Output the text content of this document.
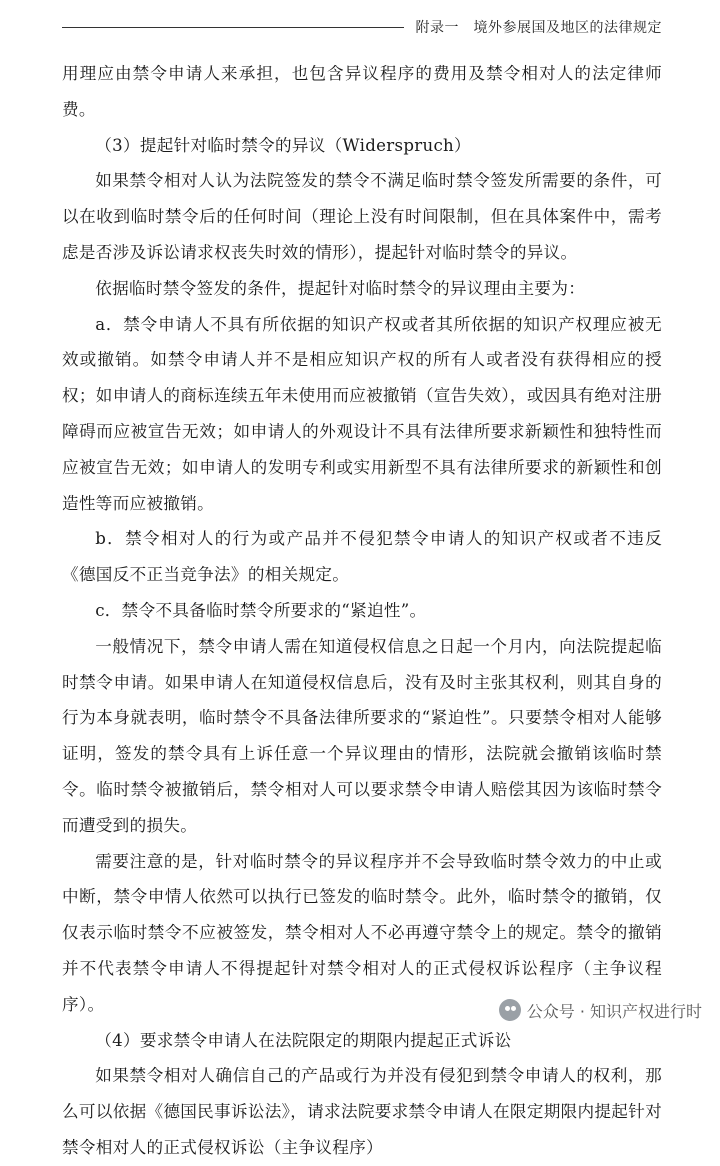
附录一　境外参展国及地区的法律规定

用理应由禁令申请人来承担，也包含异议程序的费用及禁令相对人的法定律师费。

（3）提起针对临时禁令的异议（Widerspruch）

如果禁令相对人认为法院签发的禁令不满足临时禁令签发所需要的条件，可以在收到临时禁令后的任何时间（理论上没有时间限制，但在具体案件中，需考虑是否涉及诉讼请求权丧失时效的情形），提起针对临时禁令的异议。

依据临时禁令签发的条件，提起针对临时禁令的异议理由主要为：

a．禁令申请人不具有所依据的知识产权或者其所依据的知识产权理应被无效或撤销。如禁令申请人并不是相应知识产权的所有人或者没有获得相应的授权；如申请人的商标连续五年未使用而应被撤销（宣告失效），或因具有绝对注册障碍而应被宣告无效；如申请人的外观设计不具有法律所要求新颖性和独特性而应被宣告无效；如申请人的发明专利或实用新型不具有法律所要求的新颖性和创造性等而应被撤销。

b．禁令相对人的行为或产品并不侵犯禁令申请人的知识产权或者不违反《德国反不正当竞争法》的相关规定。

c．禁令不具备临时禁令所要求的“紧迫性”。

一般情况下，禁令申请人需在知道侵权信息之日起一个月内，向法院提起临时禁令申请。如果申请人在知道侵权信息后，没有及时主张其权利，则其自身的行为本身就表明，临时禁令不具备法律所要求的“紧迫性”。只要禁令相对人能够证明，签发的禁令具有上诉任意一个异议理由的情形，法院就会撤销该临时禁令。临时禁令被撤销后，禁令相对人可以要求禁令申请人赔偿其因为该临时禁令而遭受到的损失。

需要注意的是，针对临时禁令的异议程序并不会导致临时禁令效力的中止或中断，禁令申情人依然可以执行已签发的临时禁令。此外，临时禁令的撤销，仅仅表示临时禁令不应被签发，禁令相对人不必再遵守禁令上的规定。禁令的撤销并不代表禁令申请人不得提起针对禁令相对人的正式侵权诉讼程序（主争议程序）。

（4）要求禁令申请人在法院限定的期限内提起正式诉讼

如果禁令相对人确信自己的产品或行为并没有侵犯到禁令申请人的权利，那么可以依据《德国民事诉讼法》，请求法院要求禁令申请人在限定期限内提起针对禁令相对人的正式侵权诉讼（主争议程序）

公众号 · 知识产权进行时
